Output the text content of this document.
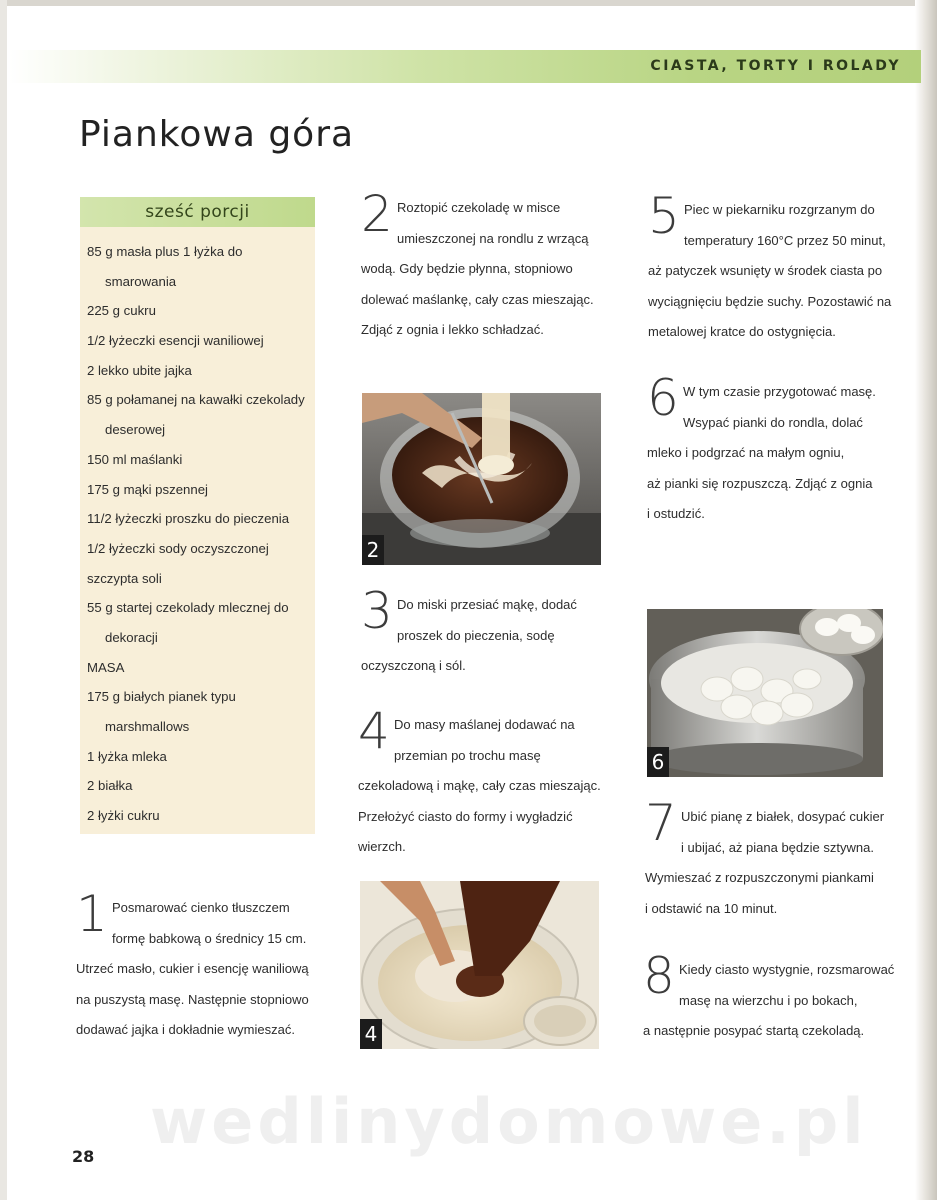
CIASTA, TORTY I ROLADY
Piankowa góra
sześć porcji
85 g masła plus 1 łyżka do
smarowania
225 g cukru
1/2 łyżeczki esencji waniliowej
2 lekko ubite jajka
85 g połamanej na kawałki czekolady
deserowej
150 ml maślanki
175 g mąki pszennej
11/2 łyżeczki proszku do pieczenia
1/2 łyżeczki sody oczyszczonej
szczypta soli
55 g startej czekolady mlecznej do
dekoracji
MASA
175 g białych pianek typu
marshmallows
1 łyżka mleka
2 białka
2 łyżki cukru
1 Posmarować cienko tłuszczem
formę babkową o średnicy 15 cm.
Utrzeć masło, cukier i esencję waniliową
na puszystą masę. Następnie stopniowo
dodawać jajka i dokładnie wymieszać.

2 Roztopić czekoladę w misce
umieszczonej na rondlu z wrzącą
wodą. Gdy będzie płynna, stopniowo
dolewać maślankę, cały czas mieszając.
Zdjąć z ognia i lekko schładzać.

2
3 Do miski przesiać mąkę, dodać
proszek do pieczenia, sodę
oczyszczoną i sól.

4 Do masy maślanej dodawać na
przemian po trochu masę
czekoladową i mąkę, cały czas mieszając.
Przełożyć ciasto do formy i wygładzić
wierzch.

4
5 Piec w piekarniku rozgrzanym do
temperatury 160°C przez 50 minut,
aż patyczek wsunięty w środek ciasta po
wyciągnięciu będzie suchy. Pozostawić na
metalowej kratce do ostygnięcia.

6 W tym czasie przygotować masę.
Wsypać pianki do rondla, dolać
mleko i podgrzać na małym ogniu,
aż pianki się rozpuszczą. Zdjąć z ognia
i ostudzić.

6
7 Ubić pianę z białek, dosypać cukier
i ubijać, aż piana będzie sztywna.
Wymieszać z rozpuszczonymi piankami
i odstawić na 10 minut.

8 Kiedy ciasto wystygnie, rozsmarować
masę na wierzchu i po bokach,
a następnie posypać startą czekoladą.

wedlinydomowe.pl

28
